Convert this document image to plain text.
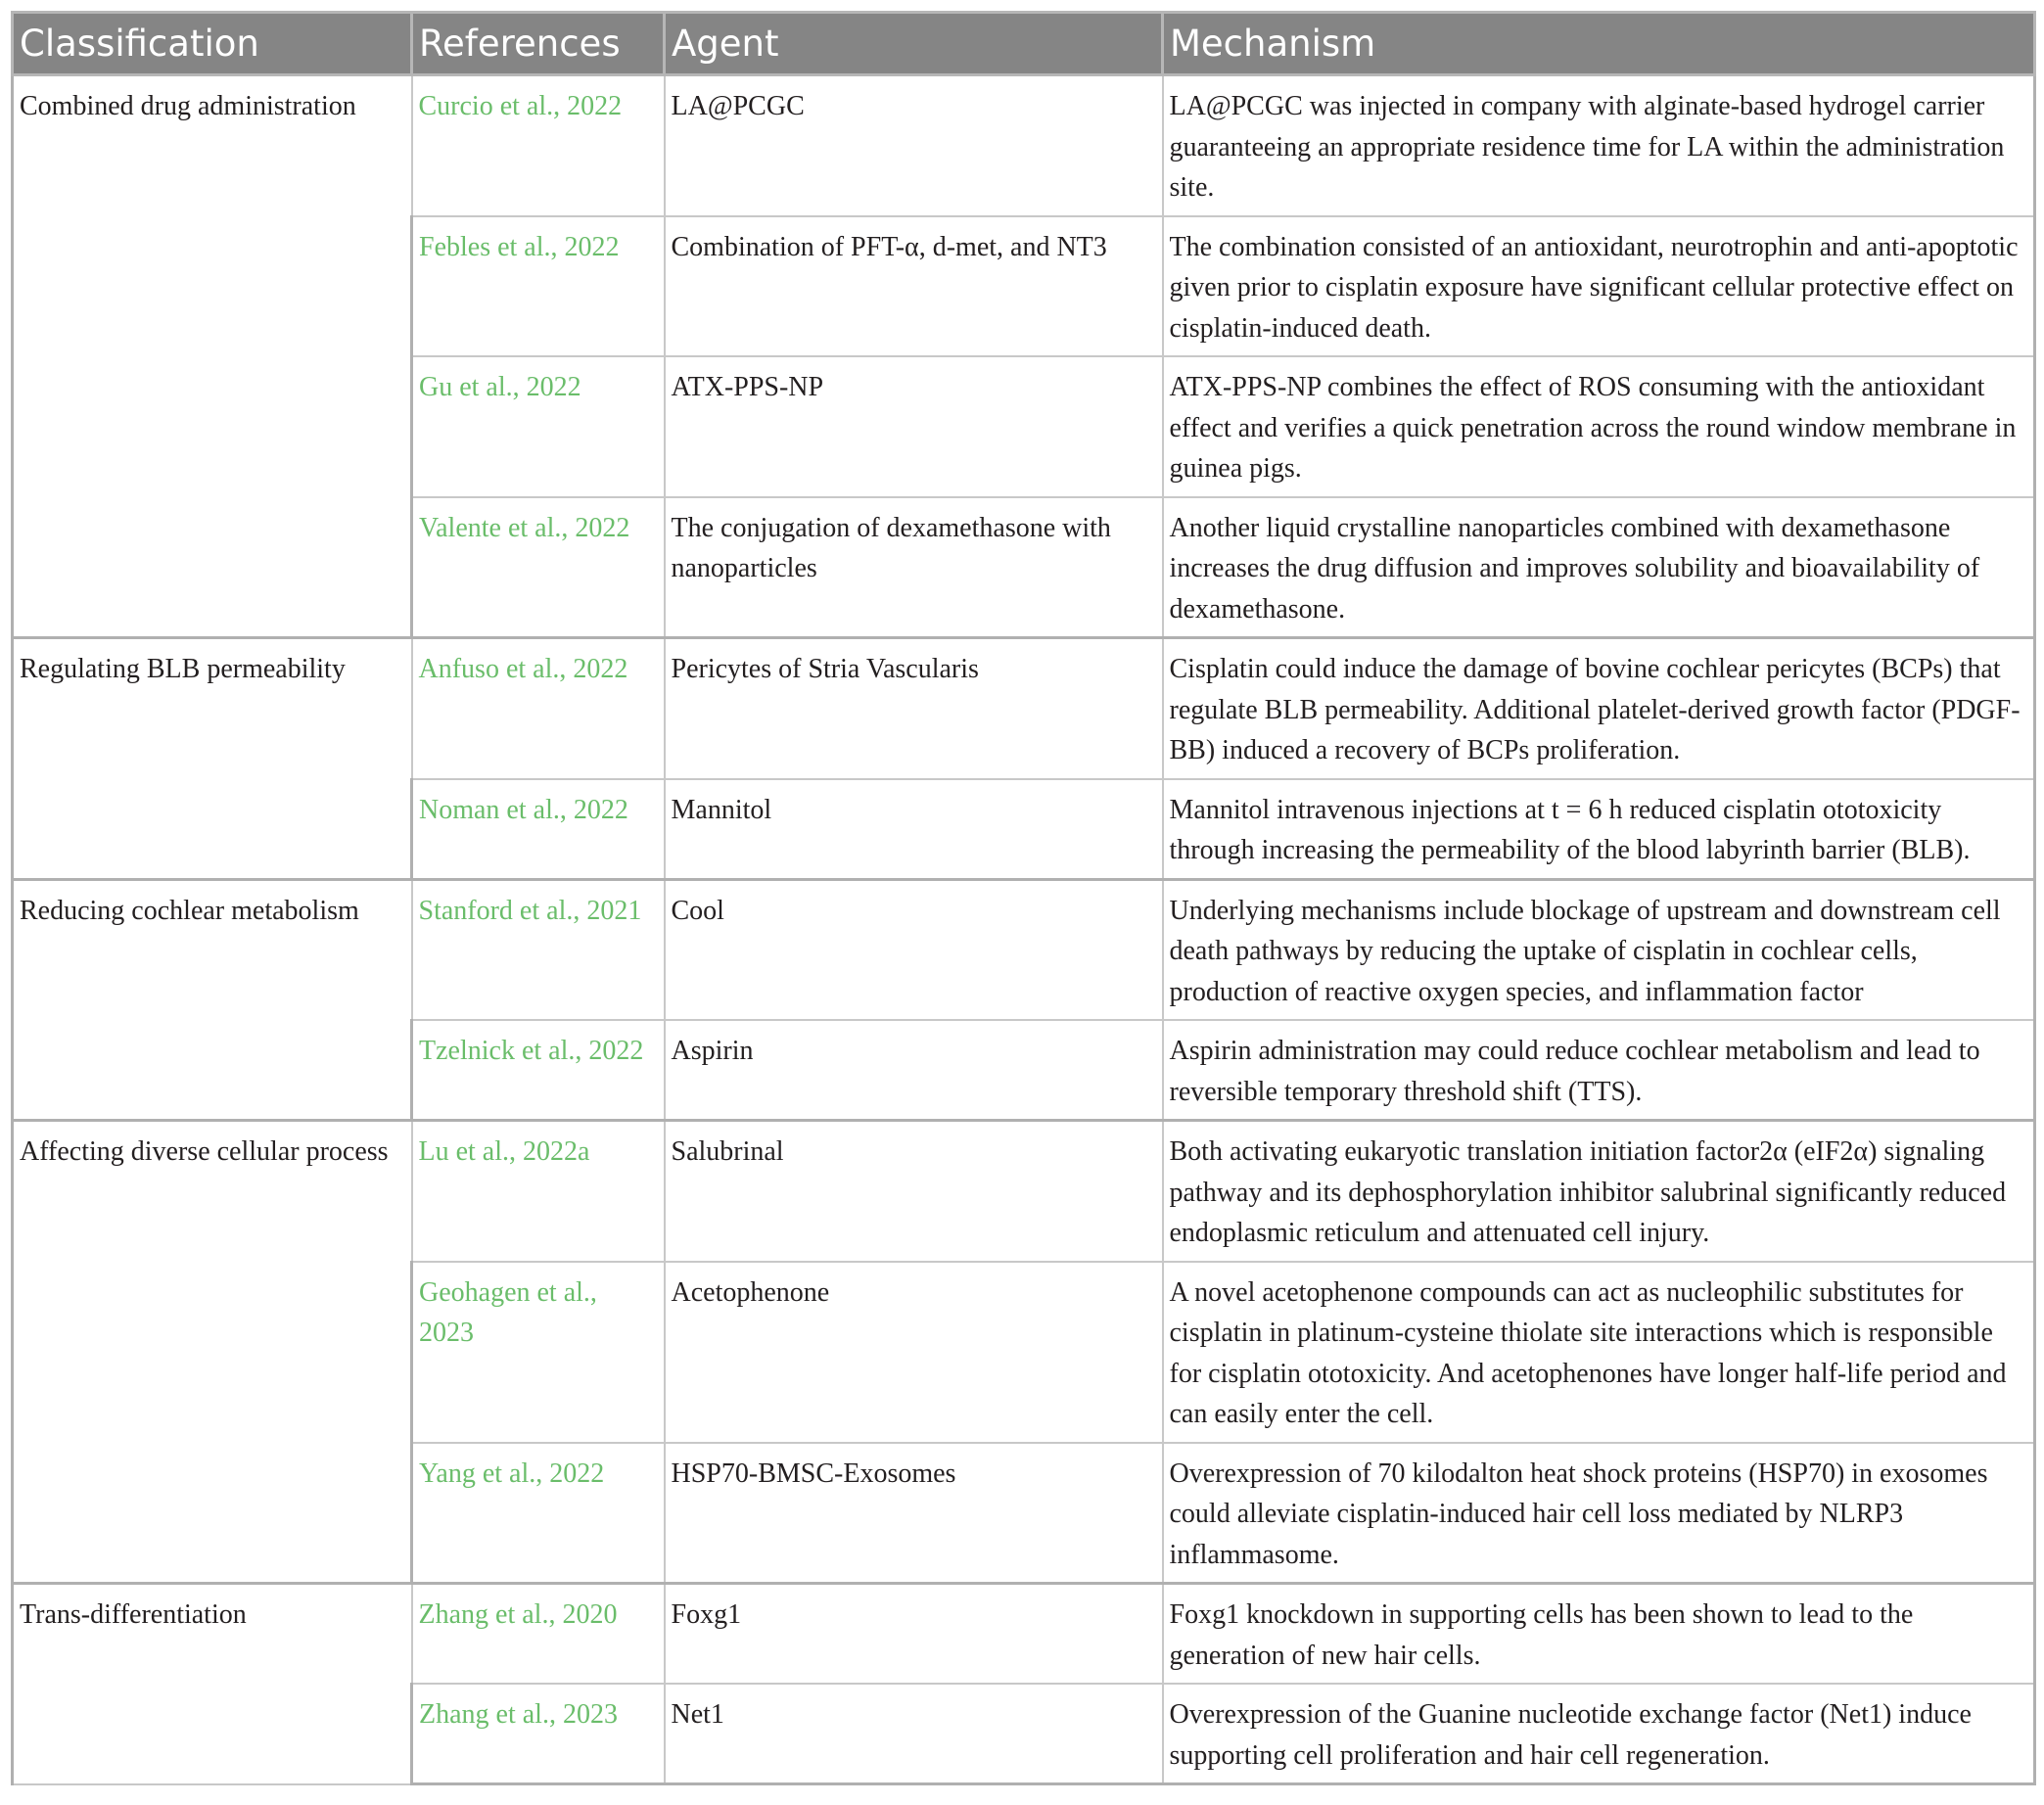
Classification	References	Agent	Mechanism
Combined drug administration	Curcio et al., 2022	LA@PCGC	LA@PCGC was injected in company with alginate-based hydrogel carrier guaranteeing an appropriate residence time for LA within the administration site.
	Febles et al., 2022	Combination of PFT-α, d-met, and NT3	The combination consisted of an antioxidant, neurotrophin and anti-apoptotic given prior to cisplatin exposure have significant cellular protective effect on cisplatin-induced death.
	Gu et al., 2022	ATX-PPS-NP	ATX-PPS-NP combines the effect of ROS consuming with the antioxidant effect and verifies a quick penetration across the round window membrane in guinea pigs.
	Valente et al., 2022	The conjugation of dexamethasone with nanoparticles	Another liquid crystalline nanoparticles combined with dexamethasone increases the drug diffusion and improves solubility and bioavailability of dexamethasone.
Regulating BLB permeability	Anfuso et al., 2022	Pericytes of Stria Vascularis	Cisplatin could induce the damage of bovine cochlear pericytes (BCPs) that regulate BLB permeability. Additional platelet-derived growth factor (PDGF-BB) induced a recovery of BCPs proliferation.
	Noman et al., 2022	Mannitol	Mannitol intravenous injections at t = 6 h reduced cisplatin ototoxicity through increasing the permeability of the blood labyrinth barrier (BLB).
Reducing cochlear metabolism	Stanford et al., 2021	Cool	Underlying mechanisms include blockage of upstream and downstream cell death pathways by reducing the uptake of cisplatin in cochlear cells, production of reactive oxygen species, and inflammation factor
	Tzelnick et al., 2022	Aspirin	Aspirin administration may could reduce cochlear metabolism and lead to reversible temporary threshold shift (TTS).
Affecting diverse cellular process	Lu et al., 2022a	Salubrinal	Both activating eukaryotic translation initiation factor2α (eIF2α) signaling pathway and its dephosphorylation inhibitor salubrinal significantly reduced endoplasmic reticulum and attenuated cell injury.
	Geohagen et al., 2023	Acetophenone	A novel acetophenone compounds can act as nucleophilic substitutes for cisplatin in platinum-cysteine thiolate site interactions which is responsible for cisplatin ototoxicity. And acetophenones have longer half-life period and can easily enter the cell.
	Yang et al., 2022	HSP70-BMSC-Exosomes	Overexpression of 70 kilodalton heat shock proteins (HSP70) in exosomes could alleviate cisplatin-induced hair cell loss mediated by NLRP3 inflammasome.
Trans-differentiation	Zhang et al., 2020	Foxg1	Foxg1 knockdown in supporting cells has been shown to lead to the generation of new hair cells.
	Zhang et al., 2023	Net1	Overexpression of the Guanine nucleotide exchange factor (Net1) induce supporting cell proliferation and hair cell regeneration.
